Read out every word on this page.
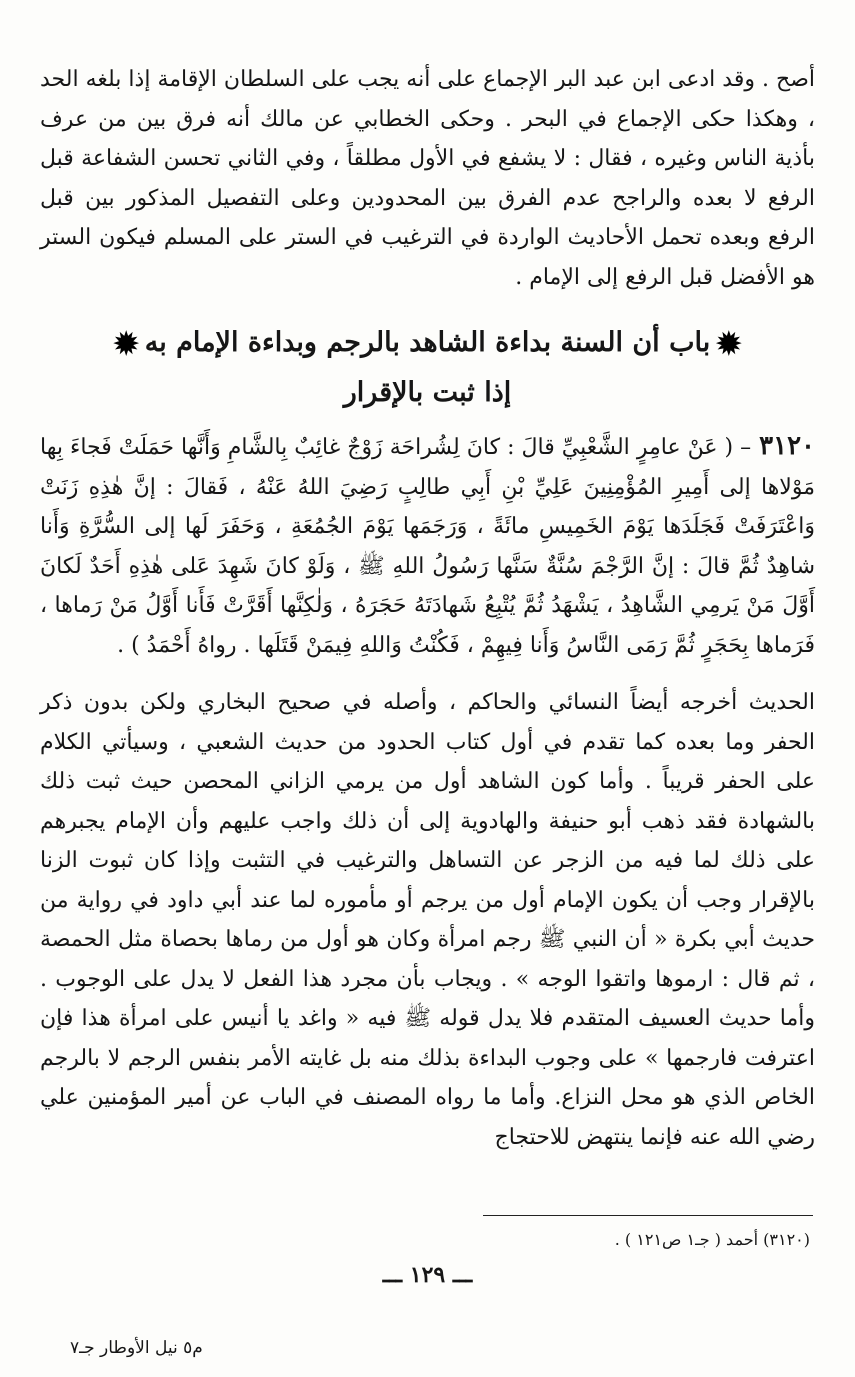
أصح . وقد ادعى ابن عبد البر الإجماع على أنه يجب على السلطان الإقامة إذا بلغه الحد ، وهكذا حكى الإجماع في البحر . وحكى الخطابي عن مالك أنه فرق بين من عرف بأذية الناس وغيره ، فقال : لا يشفع في الأول مطلقاً ، وفي الثاني تحسن الشفاعة قبل الرفع لا بعده والراجح عدم الفرق بين المحدودين وعلى التفصيل المذكور بين قبل الرفع وبعده تحمل الأحاديث الواردة في الترغيب في الستر على المسلم فيكون الستر هو الأفضل قبل الرفع إلى الإمام .

✹باب أن السنة بداءة الشاهد بالرجم وبداءة الإمام به✹
إذا ثبت بالإقرار

٣١٢٠– ( عَنْ عامِرٍ الشَّعْبِيِّ قالَ : كانَ لِشُراحَة زَوْجٌ غائِبٌ بِالشَّامِ وَأَنَّها حَمَلَتْ فَجاءَ بِها مَوْلاها إلى أَمِيرِ المُؤْمِنِينَ عَلِيِّ بْنِ أَبِي طالِبٍ رَضِيَ اللهُ عَنْهُ ، فَقالَ : إنَّ هٰذِهِ زَنَتْ وَاعْتَرَفَتْ فَجَلَدَها يَوْمَ الخَمِيسِ مائَةً ، وَرَجَمَها يَوْمَ الجُمُعَةِ ، وَحَفَرَ لَها إلى السُّرَّةِ وَأَنا شاهِدٌ ثُمَّ قالَ : إنَّ الرَّجْمَ سُنَّةٌ سَنَّها رَسُولُ اللهِ ﷺ ، وَلَوْ كانَ شَهِدَ عَلى هٰذِهِ أَحَدٌ لَكانَ أَوَّلَ مَنْ يَرمِي الشَّاهِدُ ، يَشْهَدُ ثُمَّ يُتْبِعُ شَهادَتَهُ حَجَرَهُ ، وَلٰكِنَّها أَقَرَّتْ فَأَنا أَوَّلُ مَنْ رَماها ، فَرَماها بِحَجَرٍ ثُمَّ رَمَى النَّاسُ وَأَنا فِيهِمْ ، فَكُنْتُ وَاللهِ فِيمَنْ قَتَلَها . رواهُ أَحْمَدُ ) .

الحديث أخرجه أيضاً النسائي والحاكم ، وأصله في صحيح البخاري ولكن بدون ذكر الحفر وما بعده كما تقدم في أول كتاب الحدود من حديث الشعبي ، وسيأتي الكلام على الحفر قريباً . وأما كون الشاهد أول من يرمي الزاني المحصن حيث ثبت ذلك بالشهادة فقد ذهب أبو حنيفة والهادوية إلى أن ذلك واجب عليهم وأن الإمام يجبرهم على ذلك لما فيه من الزجر عن التساهل والترغيب في التثبت وإذا كان ثبوت الزنا بالإقرار وجب أن يكون الإمام أول من يرجم أو مأموره لما عند أبي داود في رواية من حديث أبي بكرة « أن النبي ﷺ رجم امرأة وكان هو أول من رماها بحصاة مثل الحمصة ، ثم قال : ارموها واتقوا الوجه » . ويجاب بأن مجرد هذا الفعل لا يدل على الوجوب . وأما حديث العسيف المتقدم فلا يدل قوله ﷺ فيه « واغد يا أنيس على امرأة هذا فإن اعترفت فارجمها » على وجوب البداءة بذلك منه بل غايته الأمر بنفس الرجم لا بالرجم الخاص الذي هو محل النزاع. وأما ما رواه المصنف في الباب عن أمير المؤمنين علي رضي الله عنه فإنما ينتهض للاحتجاج

(٣١٢٠) أحمد ( جـ١ ص١٢١ ) .
ـــ ١٢٩ ـــ
م٥ نيل الأوطار جـ٧
